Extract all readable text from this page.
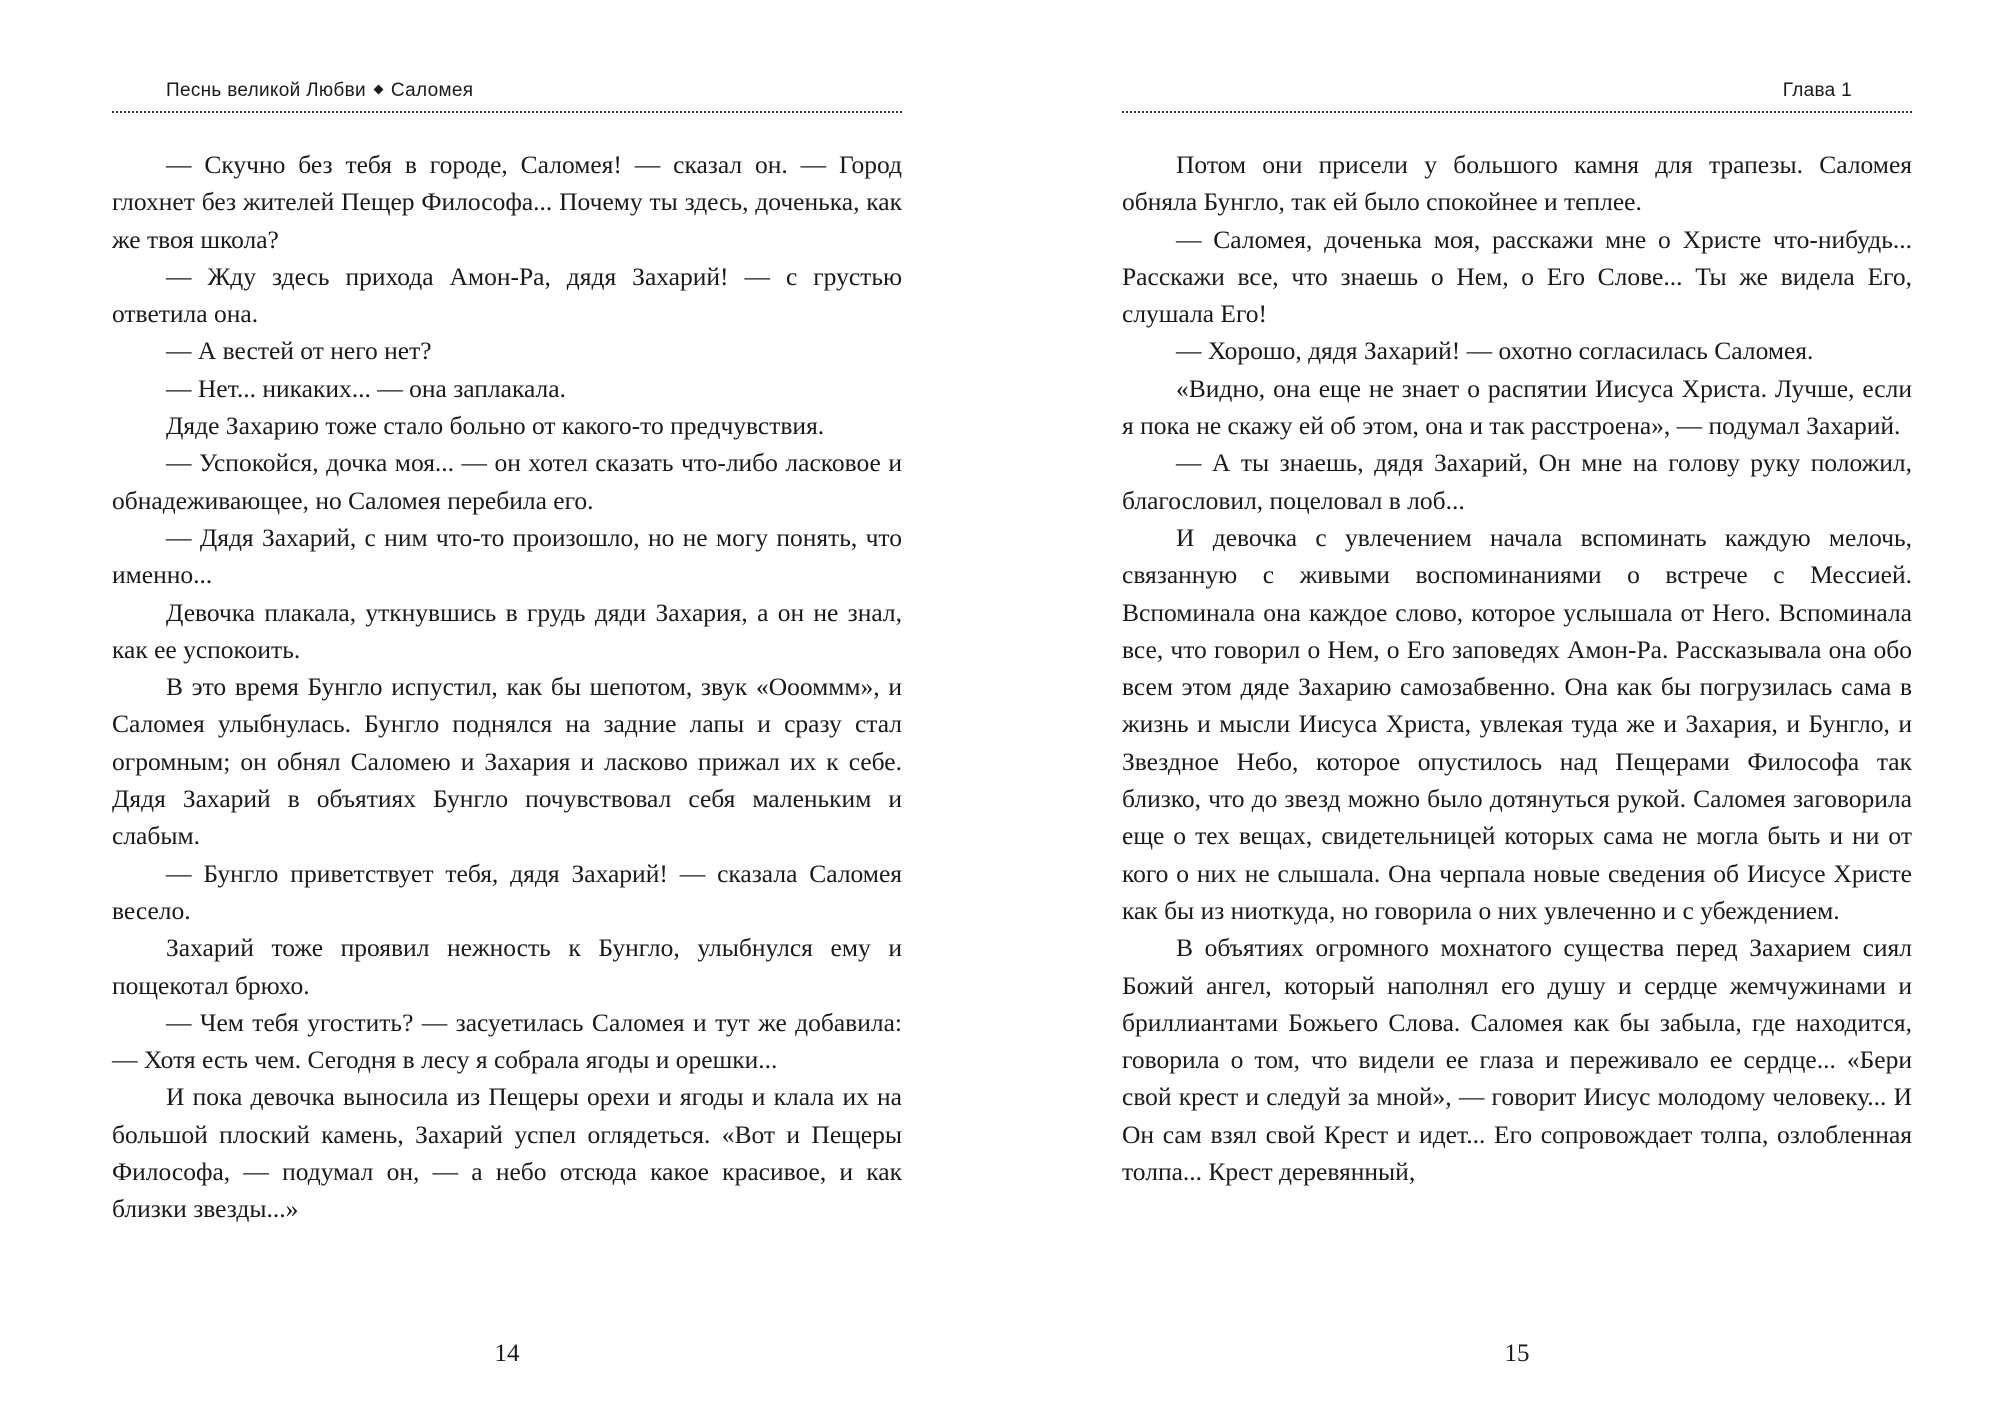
Песнь великой Любви Саломея

— Скучно без тебя в городе, Саломея! — сказал он. — Город глохнет без жителей Пещер Философа... Почему ты здесь, доченька, как же твоя школа?

— Жду здесь прихода Амон-Ра, дядя Захарий! — с грустью ответила она.

— А вестей от него нет?

— Нет... никаких... — она заплакала.

Дяде Захарию тоже стало больно от какого-то предчувствия.

— Успокойся, дочка моя... — он хотел сказать что-либо ласковое и обнадеживающее, но Саломея перебила его.

— Дядя Захарий, с ним что-то произошло, но не могу понять, что именно...

Девочка плакала, уткнувшись в грудь дяди Захария, а он не знал, как ее успокоить.

В это время Бунгло испустил, как бы шепотом, звук «Оооммм», и Саломея улыбнулась. Бунгло поднялся на задние лапы и сразу стал огромным; он обнял Саломею и Захария и ласково прижал их к себе. Дядя Захарий в объятиях Бунгло почувствовал себя маленьким и слабым.

— Бунгло приветствует тебя, дядя Захарий! — сказала Саломея весело.

Захарий тоже проявил нежность к Бунгло, улыбнулся ему и пощекотал брюхо.

— Чем тебя угостить? — засуетилась Саломея и тут же добавила: — Хотя есть чем. Сегодня в лесу я собрала ягоды и орешки...

И пока девочка выносила из Пещеры орехи и ягоды и клала их на большой плоский камень, Захарий успел оглядеться. «Вот и Пещеры Философа, — подумал он, — а небо отсюда какое красивое, и как близки звезды...»

14
Глава 1

Потом они присели у большого камня для трапезы. Саломея обняла Бунгло, так ей было спокойнее и теплее.

— Саломея, доченька моя, расскажи мне о Христе что-нибудь... Расскажи все, что знаешь о Нем, о Его Слове... Ты же видела Его, слушала Его!

— Хорошо, дядя Захарий! — охотно согласилась Саломея.

«Видно, она еще не знает о распятии Иисуса Христа. Лучше, если я пока не скажу ей об этом, она и так расстроена», — подумал Захарий.

— А ты знаешь, дядя Захарий, Он мне на голову руку положил, благословил, поцеловал в лоб...

И девочка с увлечением начала вспоминать каждую мелочь, связанную с живыми воспоминаниями о встрече с Мессией. Вспоминала она каждое слово, которое услышала от Него. Вспоминала все, что говорил о Нем, о Его заповедях Амон-Ра. Рассказывала она обо всем этом дяде Захарию самозабвенно. Она как бы погрузилась сама в жизнь и мысли Иисуса Христа, увлекая туда же и Захария, и Бунгло, и Звездное Небо, которое опустилось над Пещерами Философа так близко, что до звезд можно было дотянуться рукой. Саломея заговорила еще о тех вещах, свидетельницей которых сама не могла быть и ни от кого о них не слышала. Она черпала новые сведения об Иисусе Христе как бы из ниоткуда, но говорила о них увлеченно и с убеждением.

В объятиях огромного мохнатого существа перед Захарием сиял Божий ангел, который наполнял его душу и сердце жемчужинами и бриллиантами Божьего Слова. Саломея как бы забыла, где находится, говорила о том, что видели ее глаза и переживало ее сердце... «Бери свой крест и следуй за мной», — говорит Иисус молодому человеку... И Он сам взял свой Крест и идет... Его сопровождает толпа, озлобленная толпа... Крест деревянный,

15
